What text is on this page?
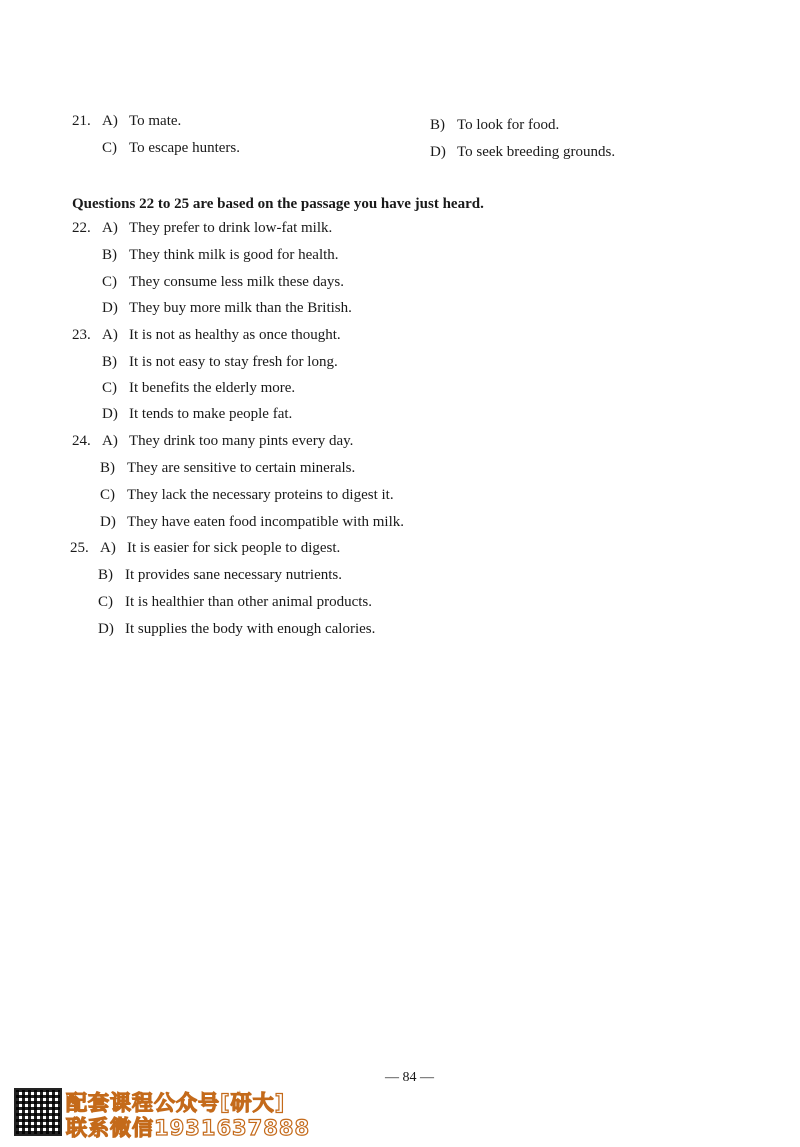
21. A) To mate.	B) To look for food.
C) To escape hunters.	D) To seek breeding grounds.
Questions 22 to 25 are based on the passage you have just heard.
22. A) They prefer to drink low-fat milk.
B) They think milk is good for health.
C) They consume less milk these days.
D) They buy more milk than the British.
23. A) It is not as healthy as once thought.
B) It is not easy to stay fresh for long.
C) It benefits the elderly more.
D) It tends to make people fat.
24. A) They drink too many pints every day.
B) They are sensitive to certain minerals.
C) They lack the necessary proteins to digest it.
D) They have eaten food incompatible with milk.
25. A) It is easier for sick people to digest.
B) It provides sane necessary nutrients.
C) It is healthier than other animal products.
D) It supplies the body with enough calories.
— 84 —
配套课程公众号[研大]
联系微信1931637888
